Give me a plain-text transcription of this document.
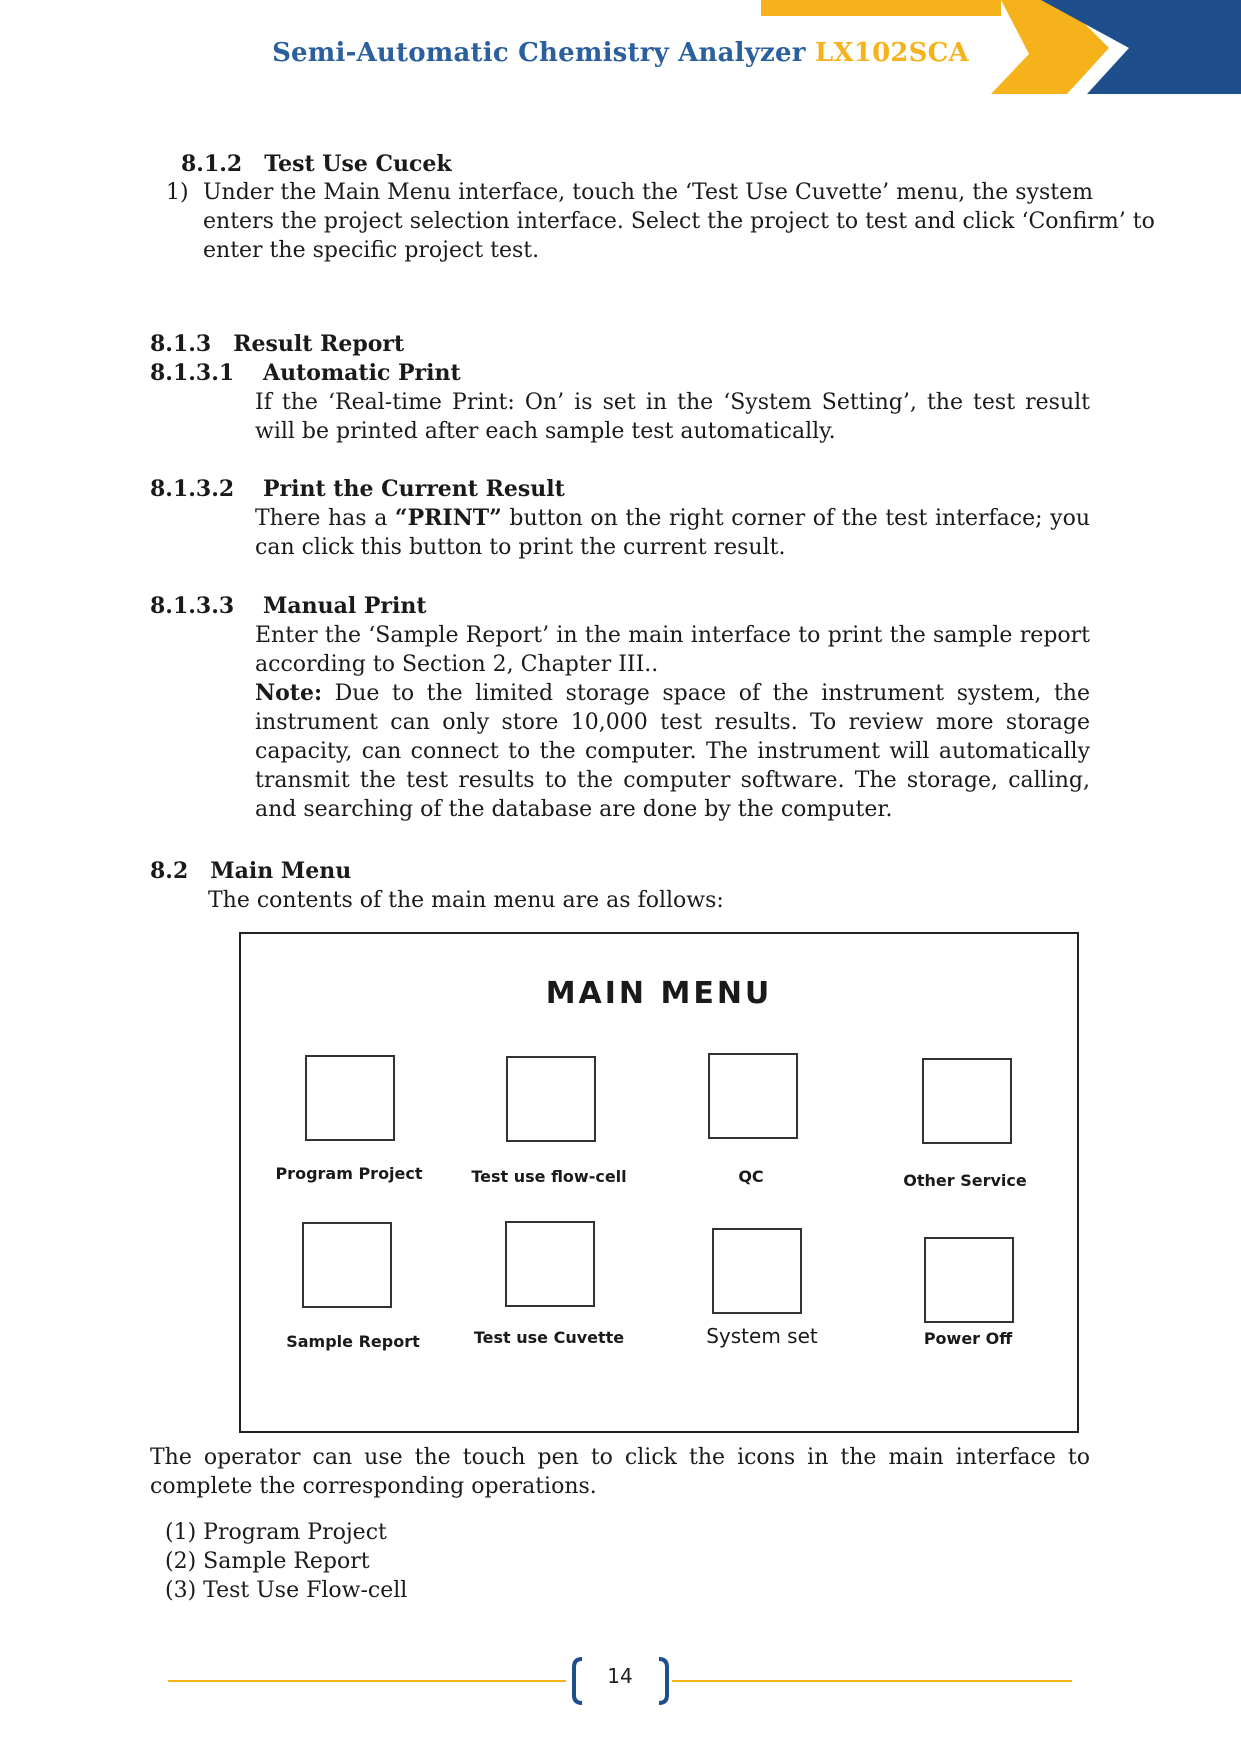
Semi-Automatic Chemistry Analyzer LX102SCA
8.1.2 Test Use Cucek
1) Under the Main Menu interface, touch the ‘Test Use Cuvette’ menu, the system
enters the project selection interface. Select the project to test and click ‘Confirm’ to
enter the specific project test.
8.1.3 Result Report
8.1.3.1 Automatic Print
If the ‘Real-time Print: On’ is set in the ‘System Setting’, the test result will be printed after each sample test automatically.
8.1.3.2 Print the Current Result
There has a “PRINT” button on the right corner of the test interface; you can click this button to print the current result.
8.1.3.3 Manual Print
Enter the ‘Sample Report’ in the main interface to print the sample report according to Section 2, Chapter III..
Note: Due to the limited storage space of the instrument system, the instrument can only store 10,000 test results. To review more storage capacity, can connect to the computer. The instrument will automatically transmit the test results to the computer software. The storage, calling, and searching of the database are done by the computer.
8.2 Main Menu
The contents of the main menu are as follows:
The operator can use the touch pen to click the icons in the main interface to complete the corresponding operations.
(1) Program Project
(2) Sample Report
(3) Test Use Flow-cell
MAIN MENU
Program Project	Test use flow-cell	QC	Other Service
Sample Report	Test use Cuvette	System set	Power Off
14
